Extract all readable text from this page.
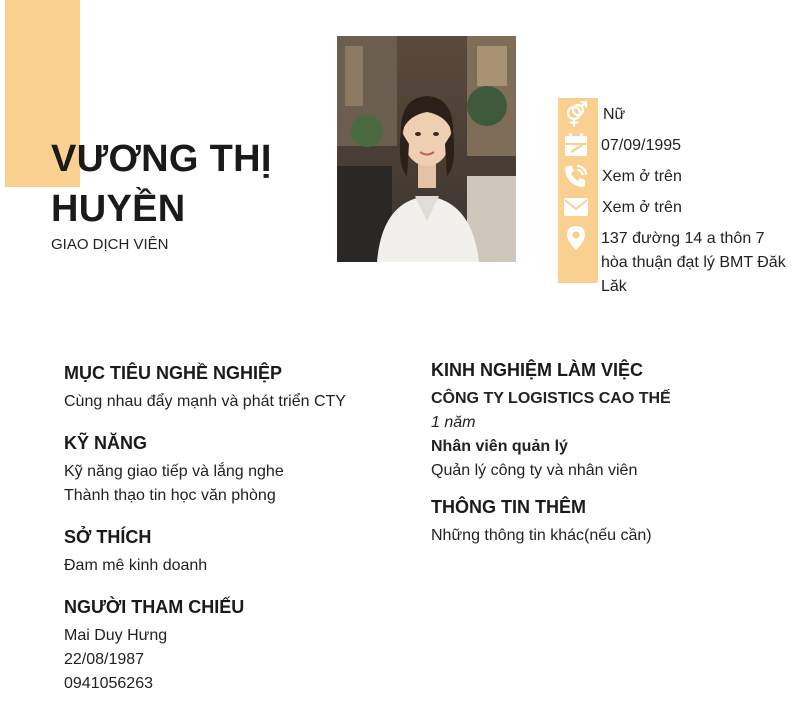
VƯƠNG THỊ HUYỀN
GIAO DỊCH VIÊN
Nữ
07/09/1995
Xem ở trên
Xem ở trên
137 đường 14 a thôn 7 hòa thuận đạt lý BMT Đăk Lăk
MỤC TIÊU NGHỀ NGHIỆP
Cùng nhau đẩy mạnh và phát triển CTY
KỸ NĂNG
Kỹ năng giao tiếp và lắng nghe
Thành thạo tin học văn phòng
SỞ THÍCH
Đam mê kinh doanh
NGƯỜI THAM CHIẾU
Mai Duy Hưng
22/08/1987
0941056263
KINH NGHIỆM LÀM VIỆC
CÔNG TY LOGISTICS CAO THẾ
1 năm
Nhân viên quản lý
Quản lý công ty và nhân viên
THÔNG TIN THÊM
Những thông tin khác(nếu cần)
